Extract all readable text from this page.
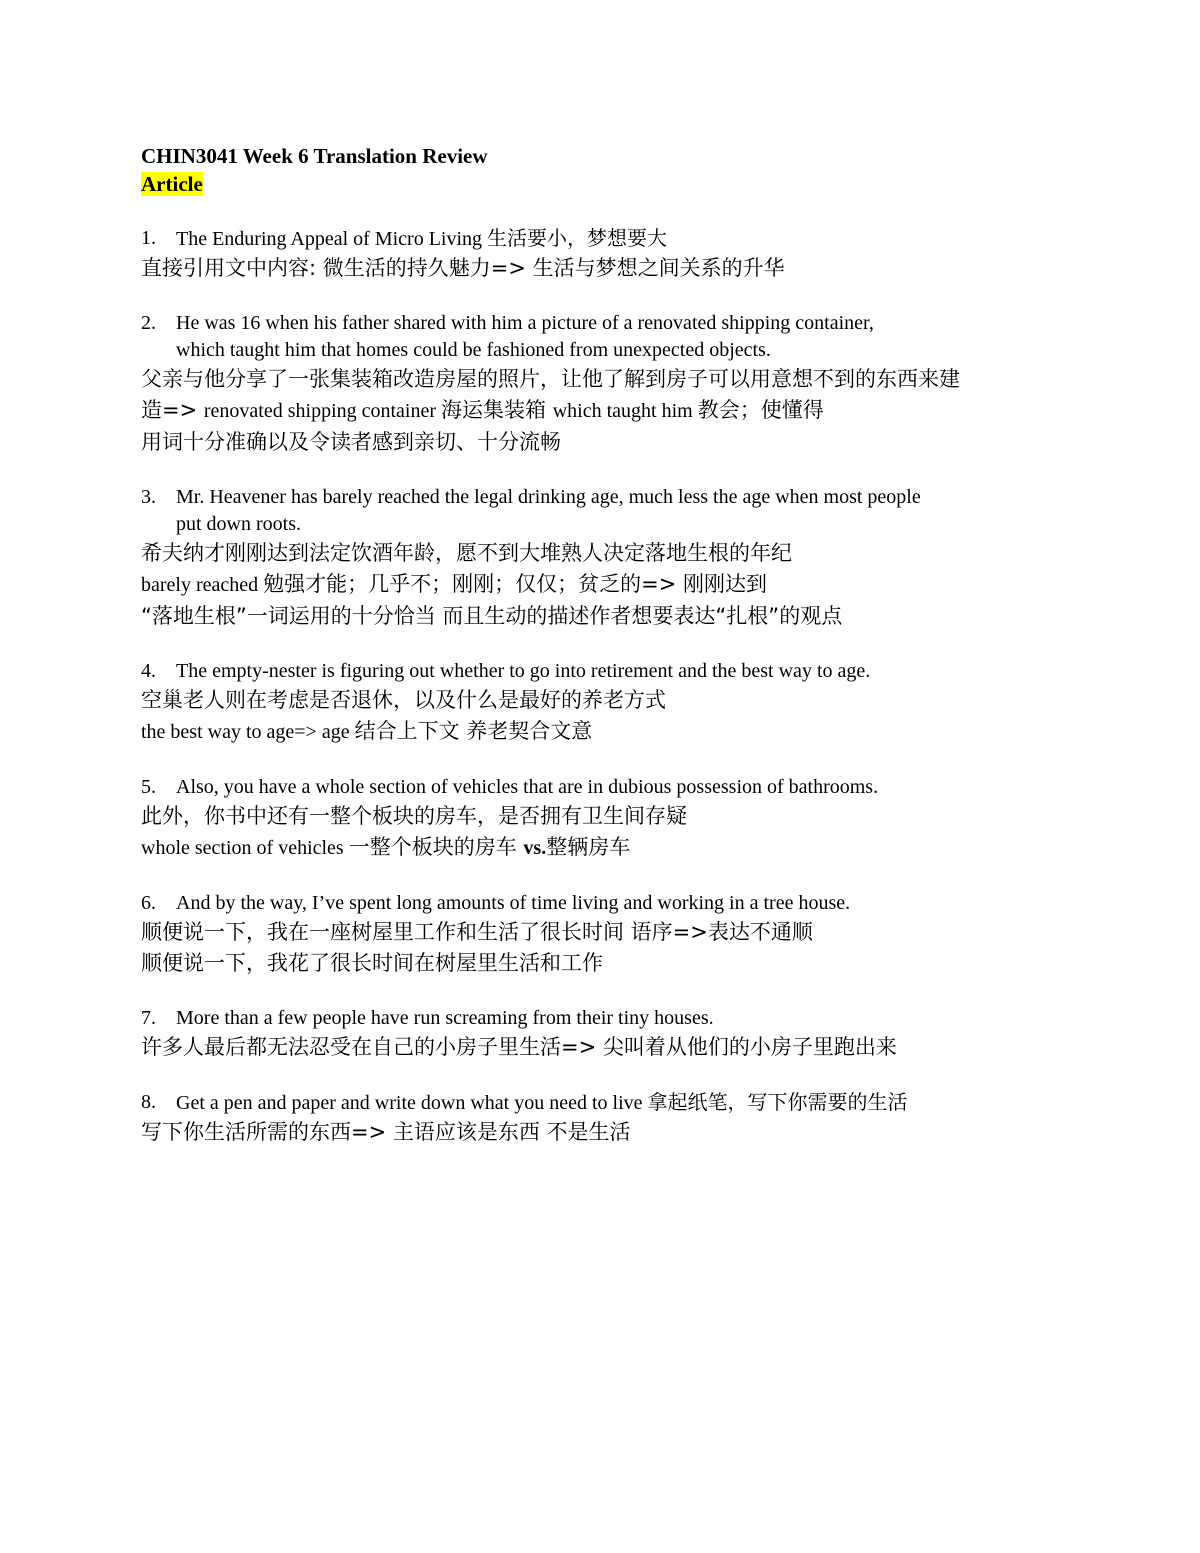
CHIN3041 Week 6 Translation Review

Article

1. The Enduring Appeal of Micro Living 生活要小，梦想要大

直接引用文中内容: 微生活的持久魅力=> 生活与梦想之间关系的升华

2. He was 16 when his father shared with him a picture of a renovated shipping container,

which taught him that homes could be fashioned from unexpected objects.

父亲与他分享了一张集装箱改造房屋的照片，让他了解到房子可以用意想不到的东西来建

造=> renovated shipping container 海运集装箱 which taught him 教会；使懂得

用词十分准确以及令读者感到亲切、十分流畅

3. Mr. Heavener has barely reached the legal drinking age, much less the age when most people

put down roots.

希夫纳才刚刚达到法定饮酒年龄，愿不到大堆熟人决定落地生根的年纪

barely reached 勉强才能；几乎不；刚刚；仅仅；贫乏的=> 刚刚达到

“落地生根”一词运用的十分恰当 而且生动的描述作者想要表达“扎根”的观点

4. The empty-nester is figuring out whether to go into retirement and the best way to age.

空巢老人则在考虑是否退休，以及什么是最好的养老方式

the best way to age=> age 结合上下文 养老契合文意

5. Also, you have a whole section of vehicles that are in dubious possession of bathrooms.

此外，你书中还有一整个板块的房车，是否拥有卫生间存疑

whole section of vehicles 一整个板块的房车 vs.整辆房车

6. And by the way, I’ve spent long amounts of time living and working in a tree house.

顺便说一下，我在一座树屋里工作和生活了很长时间 语序=>表达不通顺

顺便说一下，我花了很长时间在树屋里生活和工作

7. More than a few people have run screaming from their tiny houses.

许多人最后都无法忍受在自己的小房子里生活=> 尖叫着从他们的小房子里跑出来

8. Get a pen and paper and write down what you need to live 拿起纸笔，写下你需要的生活

写下你生活所需的东西=> 主语应该是东西 不是生活
